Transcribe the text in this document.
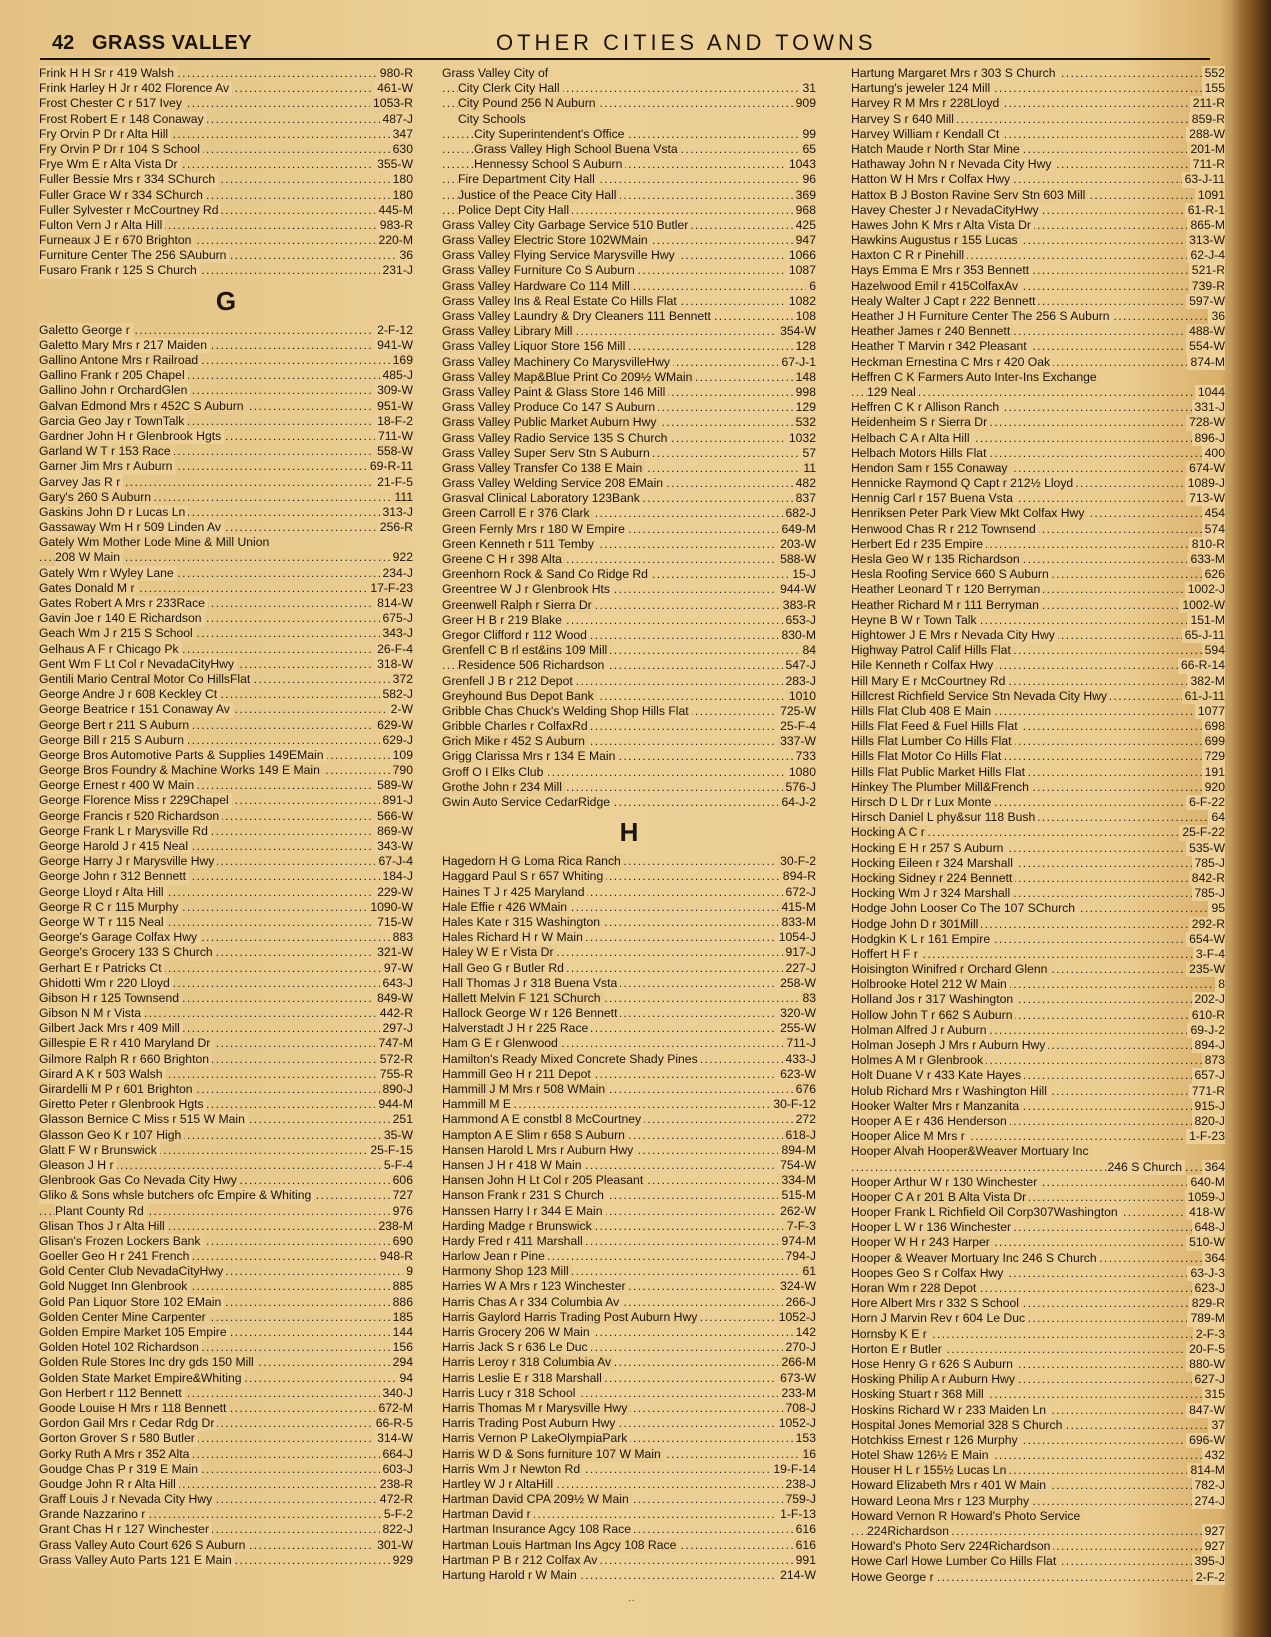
42 GRASS VALLEY	OTHER CITIES AND TOWNS
. . .
Frink H H Sr r 419 Walsh	980-R
. . .
Frink Harley H Jr r 402 Florence Av	461-W
. . .
Frost Chester C r 517 Ivey	1053-R
. . .
Frost Robert E r 148 Conaway	487-J
. . .
Fry Orvin P Dr r Alta Hill	347
. . .
Fry Orvin P Dr r 104 S School	630
. . .
Frye Wm E r Alta Vista Dr	355-W
. . .
Fuller Bessie Mrs r 334 SChurch	180
. . .
Fuller Grace W r 334 SChurch	180
. . .
Fuller Sylvester r McCourtney Rd	445-M
. . .
Fulton Vern J r Alta Hill	983-R
. . .
Furneaux J E r 670 Brighton	220-M
. . .
Furniture Center The 256 SAuburn	36
. . .
Fusaro Frank r 125 S Church	231-J
G
. . .
Galetto George r	2-F-12
. . .
Galetto Mary Mrs r 217 Maiden	941-W
. . .
Gallino Antone Mrs r Railroad	169
. . .
Gallino Frank r 205 Chapel	485-J
. . .
Gallino John r OrchardGlen	309-W
. . .
Galvan Edmond Mrs r 452C S Auburn	951-W
. . .
Garcia Geo Jay r TownTalk	18-F-2
. . .
Gardner John H r Glenbrook Hgts	711-W
. . .
Garland W T r 153 Race	558-W
. . .
Garner Jim Mrs r Auburn	69-R-11
. . .
Garvey Jas R r	21-F-5
. . .
Gary's 260 S Auburn	111
. . .
Gaskins John D r Lucas Ln	313-J
. . .
Gassaway Wm H r 509 Linden Av	256-R
Gately Wm Mother Lode Mine & Mill Union
. . .
208 W Main	922
. . .
Gately Wm r Wyley Lane	234-J
. . .
Gates Donald M r	17-F-23
. . .
Gates Robert A Mrs r 233Race	814-W
. . .
Gavin Joe r 140 E Richardson	675-J
. . .
Geach Wm J r 215 S School	343-J
. . .
Gelhaus A F r Chicago Pk	26-F-4
. . .
Gent Wm F Lt Col r NevadaCityHwy	318-W
. . .
Gentili Mario Central Motor Co HillsFlat	372
. . .
George Andre J r 608 Keckley Ct	582-J
. . .
George Beatrice r 151 Conaway Av	2-W
. . .
George Bert r 211 S Auburn	629-W
. . .
George Bill r 215 S Auburn	629-J
. . .
George Bros Automotive Parts & Supplies 149EMain	109
. . .
George Bros Foundry & Machine Works 149 E Main	790
. . .
George Ernest r 400 W Main	589-W
. . .
George Florence Miss r 229Chapel	891-J
. . .
George Francis r 520 Richardson	566-W
. . .
George Frank L r Marysville Rd	869-W
. . .
George Harold J r 415 Neal	343-W
. . .
George Harry J r Marysville Hwy	67-J-4
. . .
George John r 312 Bennett	184-J
. . .
George Lloyd r Alta Hill	229-W
. . .
George R C r 115 Murphy	1090-W
. . .
George W T r 115 Neal	715-W
. . .
George's Garage Colfax Hwy	883
. . .
George's Grocery 133 S Church	321-W
. . .
Gerhart E r Patricks Ct	97-W
. . .
Ghidotti Wm r 220 Lloyd	643-J
. . .
Gibson H r 125 Townsend	849-W
. . .
Gibson N M r Vista	442-R
. . .
Gilbert Jack Mrs r 409 Mill	297-J
. . .
Gillespie E R r 410 Maryland Dr	747-M
. . .
Gilmore Ralph R r 660 Brighton	572-R
. . .
Girard A K r 503 Walsh	755-R
. . .
Girardelli M P r 601 Brighton	890-J
. . .
Giretto Peter r Glenbrook Hgts	944-M
. . .
Glasson Bernice C Miss r 515 W Main	251
. . .
Glasson Geo K r 107 High	35-W
. . .
Glatt F W r Brunswick	25-F-15
. . .
Gleason J H r	5-F-4
. . .
Glenbrook Gas Co Nevada City Hwy	606
. . .
Gliko & Sons whsle butchers ofc Empire & Whiting	727
. . .
Plant County Rd	976
. . .
Glisan Thos J r Alta Hill	238-M
. . .
Glisan's Frozen Lockers Bank	690
. . .
Goeller Geo H r 241 French	948-R
. . .
Gold Center Club NevadaCityHwy	9
. . .
Gold Nugget Inn Glenbrook	885
. . .
Gold Pan Liquor Store 102 EMain	886
. . .
Golden Center Mine Carpenter	185
. . .
Golden Empire Market 105 Empire	144
. . .
Golden Hotel 102 Richardson	156
. . .
Golden Rule Stores Inc dry gds 150 Mill	294
. . .
Golden State Market Empire&Whiting	94
. . .
Gon Herbert r 112 Bennett	340-J
. . .
Goode Louise H Mrs r 118 Bennett	672-M
. . .
Gordon Gail Mrs r Cedar Rdg Dr	66-R-5
. . .
Gorton Grover S r 580 Butler	314-W
. . .
Gorky Ruth A Mrs r 352 Alta	664-J
. . .
Goudge Chas P r 319 E Main	603-J
. . .
Goudge John R r Alta Hill	238-R
. . .
Graff Louis J r Nevada City Hwy	472-R
. . .
Grande Nazzarino r	5-F-2
. . .
Grant Chas H r 127 Winchester	822-J
. . .
Grass Valley Auto Court 626 S Auburn	301-W
. . .
Grass Valley Auto Parts 121 E Main	929
Grass Valley City of
. . .
City Clerk City Hall	31
. . .
City Pound 256 N Auburn	909
City Schools
. . .
City Superintendent's Office	99
. . .
Grass Valley High School Buena Vsta	65
. . .
Hennessy School S Auburn	1043
. . .
Fire Department City Hall	96
. . .
Justice of the Peace City Hall	369
. . .
Police Dept City Hall	968
. . .
Grass Valley City Garbage Service 510 Butler	425
. . .
Grass Valley Electric Store 102WMain	947
. . .
Grass Valley Flying Service Marysville Hwy	1066
. . .
Grass Valley Furniture Co S Auburn	1087
. . .
Grass Valley Hardware Co 114 Mill	6
. . .
Grass Valley Ins & Real Estate Co Hills Flat	1082
. . .
Grass Valley Laundry & Dry Cleaners 111 Bennett	108
. . .
Grass Valley Library Mill	354-W
. . .
Grass Valley Liquor Store 156 Mill	128
. . .
Grass Valley Machinery Co MarysvilleHwy	67-J-1
. . .
Grass Valley Map&Blue Print Co 209½ WMain	148
. . .
Grass Valley Paint & Glass Store 146 Mill	998
. . .
Grass Valley Produce Co 147 S Auburn	129
. . .
Grass Valley Public Market Auburn Hwy	532
. . .
Grass Valley Radio Service 135 S Church	1032
. . .
Grass Valley Super Serv Stn S Auburn	57
. . .
Grass Valley Transfer Co 138 E Main	11
. . .
Grass Valley Welding Service 208 EMain	482
. . .
Grasval Clinical Laboratory 123Bank	837
. . .
Green Carroll E r 376 Clark	682-J
. . .
Green Fernly Mrs r 180 W Empire	649-M
. . .
Green Kenneth r 511 Temby	203-W
. . .
Greene C H r 398 Alta	588-W
. . .
Greenhorn Rock & Sand Co Ridge Rd	15-J
. . .
Greentree W J r Glenbrook Hts	944-W
. . .
Greenwell Ralph r Sierra Dr	383-R
. . .
Greer H B r 219 Blake	653-J
. . .
Gregor Clifford r 112 Wood	830-M
. . .
Grenfell C B rl est&ins 109 Mill	84
. . .
Residence 506 Richardson	547-J
. . .
Grenfell J B r 212 Depot	283-J
. . .
Greyhound Bus Depot Bank	1010
. . .
Gribble Chas Chuck's Welding Shop Hills Flat	725-W
. . .
Gribble Charles r ColfaxRd	25-F-4
. . .
Grich Mike r 452 S Auburn	337-W
. . .
Grigg Clarissa Mrs r 134 E Main	733
. . .
Groff O I Elks Club	1080
. . .
Grothe John r 234 Mill	576-J
. . .
Gwin Auto Service CedarRidge	64-J-2
H
. . .
Hagedorn H G Loma Rica Ranch	30-F-2
. . .
Haggard Paul S r 657 Whiting	894-R
. . .
Haines T J r 425 Maryland	672-J
. . .
Hale Effie r 426 WMain	415-M
. . .
Hales Kate r 315 Washington	833-M
. . .
Hales Richard H r W Main	1054-J
. . .
Haley W E r Vista Dr	917-J
. . .
Hall Geo G r Butler Rd	227-J
. . .
Hall Thomas J r 318 Buena Vsta	258-W
. . .
Hallett Melvin F 121 SChurch	83
. . .
Hallock George W r 126 Bennett	320-W
. . .
Halverstadt J H r 225 Race	255-W
. . .
Ham G E r Glenwood	711-J
. . .
Hamilton's Ready Mixed Concrete Shady Pines	433-J
. . .
Hammill Geo H r 211 Depot	623-W
. . .
Hammill J M Mrs r 508 WMain	676
. . .
Hammill M E	30-F-12
. . .
Hammond A E constbl 8 McCourtney	272
. . .
Hampton A E Slim r 658 S Auburn	618-J
. . .
Hansen Harold L Mrs r Auburn Hwy	894-M
. . .
Hansen J H r 418 W Main	754-W
. . .
Hansen John H Lt Col r 205 Pleasant	334-M
. . .
Hanson Frank r 231 S Church	515-M
. . .
Hanssen Harry I r 344 E Main	262-W
. . .
Harding Madge r Brunswick	7-F-3
. . .
Hardy Fred r 411 Marshall	974-M
. . .
Harlow Jean r Pine	794-J
. . .
Harmony Shop 123 Mill	61
. . .
Harries W A Mrs r 123 Winchester	324-W
. . .
Harris Chas A r 334 Columbia Av	266-J
. . .
Harris Gaylord Harris Trading Post Auburn Hwy	1052-J
. . .
Harris Grocery 206 W Main	142
. . .
Harris Jack S r 636 Le Duc	270-J
. . .
Harris Leroy r 318 Columbia Av	266-M
. . .
Harris Leslie E r 318 Marshall	673-W
. . .
Harris Lucy r 318 School	233-M
. . .
Harris Thomas M r Marysville Hwy	708-J
. . .
Harris Trading Post Auburn Hwy	1052-J
. . .
Harris Vernon P LakeOlympiaPark	153
. . .
Harris W D & Sons furniture 107 W Main	16
. . .
Harris Wm J r Newton Rd	19-F-14
. . .
Hartley W J r AltaHill	238-J
. . .
Hartman David CPA 209½ W Main	759-J
. . .
Hartman David r	1-F-13
. . .
Hartman Insurance Agcy 108 Race	616
. . .
Hartman Louis Hartman Ins Agcy 108 Race	616
. . .
Hartman P B r 212 Colfax Av	991
. . .
Hartung Harold r W Main	214-W
. . .
Hartung Margaret Mrs r 303 S Church	552
. . .
Hartung's jeweler 124 Mill	155
. . .
Harvey R M Mrs r 228Lloyd	211-R
. . .
Harvey S r 640 Mill	859-R
. . .
Harvey William r Kendall Ct	288-W
. . .
Hatch Maude r North Star Mine	201-M
. . .
Hathaway John N r Nevada City Hwy	711-R
. . .
Hatton W H Mrs r Colfax Hwy	63-J-11
. . .
Hattox B J Boston Ravine Serv Stn 603 Mill	1091
. . .
Havey Chester J r NevadaCityHwy	61-R-1
. . .
Hawes John K Mrs r Alta Vista Dr	865-M
. . .
Hawkins Augustus r 155 Lucas	313-W
. . .
Haxton C R r Pinehill	62-J-4
. . .
Hays Emma E Mrs r 353 Bennett	521-R
. . .
Hazelwood Emil r 415ColfaxAv	739-R
. . .
Healy Walter J Capt r 222 Bennett	597-W
. . .
Heather J H Furniture Center The 256 S Auburn	36
. . .
Heather James r 240 Bennett	488-W
. . .
Heather T Marvin r 342 Pleasant	554-W
. . .
Heckman Ernestina C Mrs r 420 Oak	874-M
Heffren C K Farmers Auto Inter-Ins Exchange
. . .
129 Neal	1044
. . .
Heffren C K r Allison Ranch	331-J
. . .
Heidenheim S r Sierra Dr	728-W
. . .
Helbach C A r Alta Hill	896-J
. . .
Helbach Motors Hills Flat	400
. . .
Hendon Sam r 155 Conaway	674-W
. . .
Hennicke Raymond Q Capt r 212½ Lloyd	1089-J
. . .
Hennig Carl r 157 Buena Vsta	713-W
. . .
Henriksen Peter Park View Mkt Colfax Hwy	454
. . .
Henwood Chas R r 212 Townsend	574
. . .
Herbert Ed r 235 Empire	810-R
. . .
Hesla Geo W r 135 Richardson	633-M
. . .
Hesla Roofing Service 660 S Auburn	626
. . .
Heather Leonard T r 120 Berryman	1002-J
. . .
Heather Richard M r 111 Berryman	1002-W
. . .
Heyne B W r Town Talk	151-M
. . .
Hightower J E Mrs r Nevada City Hwy	65-J-11
. . .
Highway Patrol Calif Hills Flat	594
. . .
Hile Kenneth r Colfax Hwy	66-R-14
. . .
Hill Mary E r McCourtney Rd	382-M
. . .
Hillcrest Richfield Service Stn Nevada City Hwy	61-J-11
. . .
Hills Flat Club 408 E Main	1077
. . .
Hills Flat Feed & Fuel Hills Flat	698
. . .
Hills Flat Lumber Co Hills Flat	699
. . .
Hills Flat Motor Co Hills Flat	729
. . .
Hills Flat Public Market Hills Flat	191
. . .
Hinkey The Plumber Mill&French	920
. . .
Hirsch D L Dr r Lux Monte	6-F-22
. . .
Hirsch Daniel L phy&sur 118 Bush	64
. . .
Hocking A C r	25-F-22
. . .
Hocking E H r 257 S Auburn	535-W
. . .
Hocking Eileen r 324 Marshall	785-J
. . .
Hocking Sidney r 224 Bennett	842-R
. . .
Hocking Wm J r 324 Marshall	785-J
. . .
Hodge John Looser Co The 107 SChurch	95
. . .
Hodge John D r 301Mill	292-R
. . .
Hodgkin K L r 161 Empire	654-W
. . .
Hoffert H F r	3-F-4
. . .
Hoisington Winifred r Orchard Glenn	235-W
. . .
Holbrooke Hotel 212 W Main	8
. . .
Holland Jos r 317 Washington	202-J
. . .
Hollow John T r 662 S Auburn	610-R
. . .
Holman Alfred J r Auburn	69-J-2
. . .
Holman Joseph J Mrs r Auburn Hwy	894-J
. . .
Holmes A M r Glenbrook	873
. . .
Holt Duane V r 433 Kate Hayes	657-J
. . .
Holub Richard Mrs r Washington Hill	771-R
. . .
Hooker Walter Mrs r Manzanita	915-J
. . .
Hooper A E r 436 Henderson	820-J
. . .
Hooper Alice M Mrs r	1-F-23
Hooper Alvah Hooper&Weaver Mortuary Inc
. . .
246 S Church 364
. . .
Hooper Arthur W r 130 Winchester	640-M
. . .
Hooper C A r 201 B Alta Vista Dr	1059-J
. . .
Hooper Frank L Richfield Oil Corp307Washington	418-W
. . .
Hooper L W r 136 Winchester	648-J
. . .
Hooper W H r 243 Harper	510-W
. . .
Hooper & Weaver Mortuary Inc 246 S Church	364
. . .
Hoopes Geo S r Colfax Hwy	63-J-3
. . .
Horan Wm r 228 Depot	623-J
. . .
Hore Albert Mrs r 332 S School	829-R
. . .
Horn J Marvin Rev r 604 Le Duc	789-M
. . .
Hornsby K E r	2-F-3
. . .
Horton E r Butler	20-F-5
. . .
Hose Henry G r 626 S Auburn	880-W
. . .
Hosking Philip A r Auburn Hwy	627-J
. . .
Hosking Stuart r 368 Mill	315
. . .
Hoskins Richard W r 233 Maiden Ln	847-W
. . .
Hospital Jones Memorial 328 S Church	37
. . .
Hotchkiss Ernest r 126 Murphy	696-W
. . .
Hotel Shaw 126½ E Main	432
. . .
Houser H L r 155½ Lucas Ln	814-M
. . .
Howard Elizabeth Mrs r 401 W Main	782-J
. . .
Howard Leona Mrs r 123 Murphy	274-J
Howard Vernon R Howard's Photo Service
. . .
224Richardson	927
. . .
Howard's Photo Serv 224Richardson	927
. . .
Howe Carl Howe Lumber Co Hills Flat	395-J
. . .
Howe George r	2-F-2
··
